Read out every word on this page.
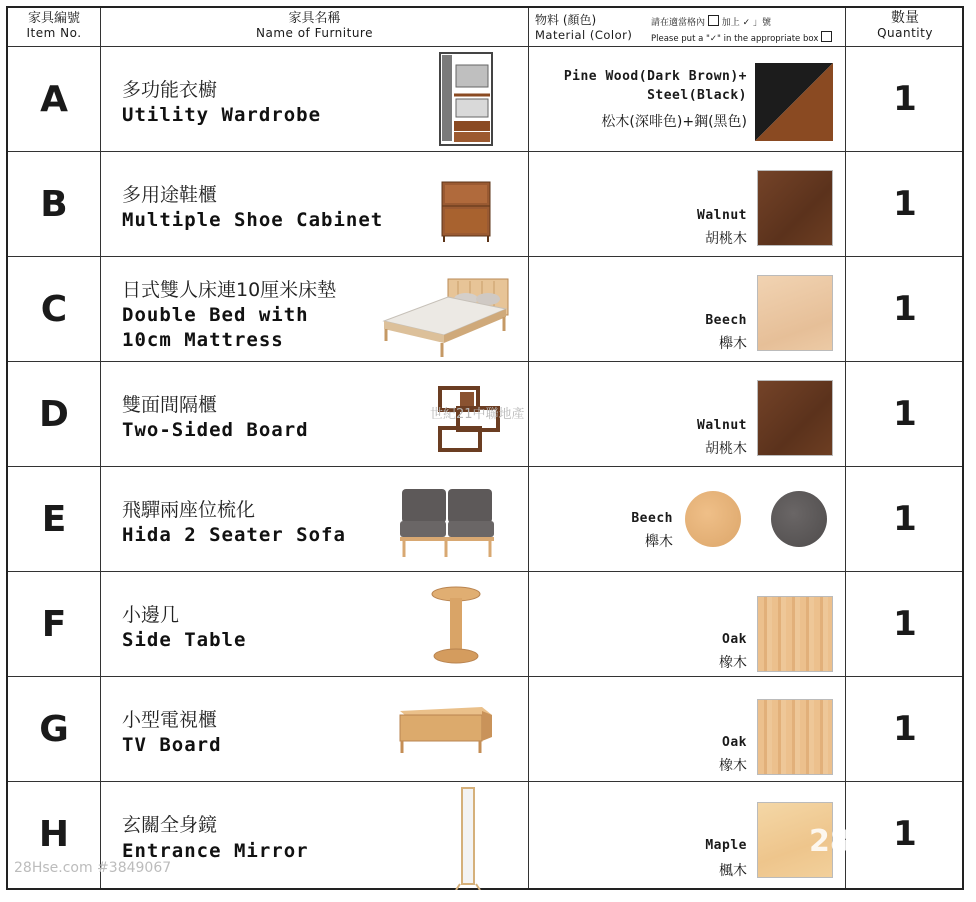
家具編號
Item No.
家具名稱
Name of Furniture
物料 (顏色)
Material (Color)
請在適當格內 加上 ✓ 」號
Please put a "✓" in the appropriate box
數量
Quantity
A	多功能衣櫥
Utility Wardrobe
Pine Wood(Dark Brown)+
Steel(Black)
松木(深啡色)+鋼(黑色)
1
B	多用途鞋櫃
Multiple Shoe Cabinet	Walnut
胡桃木
1
C	日式雙人床連10厘米床墊
Double Bed with
10cm Mattress
Beech
櫸木
1
D	雙面間隔櫃
Two-Sided Board	Walnut
胡桃木
1
E	飛驒兩座位梳化
Hida 2 Seater Sofa
Beech
櫸木
1
F	小邊几
Side Table	Oak
橡木
1
G	小型電視櫃
TV Board	Oak
橡木
1
H	玄關全身鏡
Entrance Mirror	Maple
楓木
28	1
世紀21中聯地產
28Hse.com #3849067
